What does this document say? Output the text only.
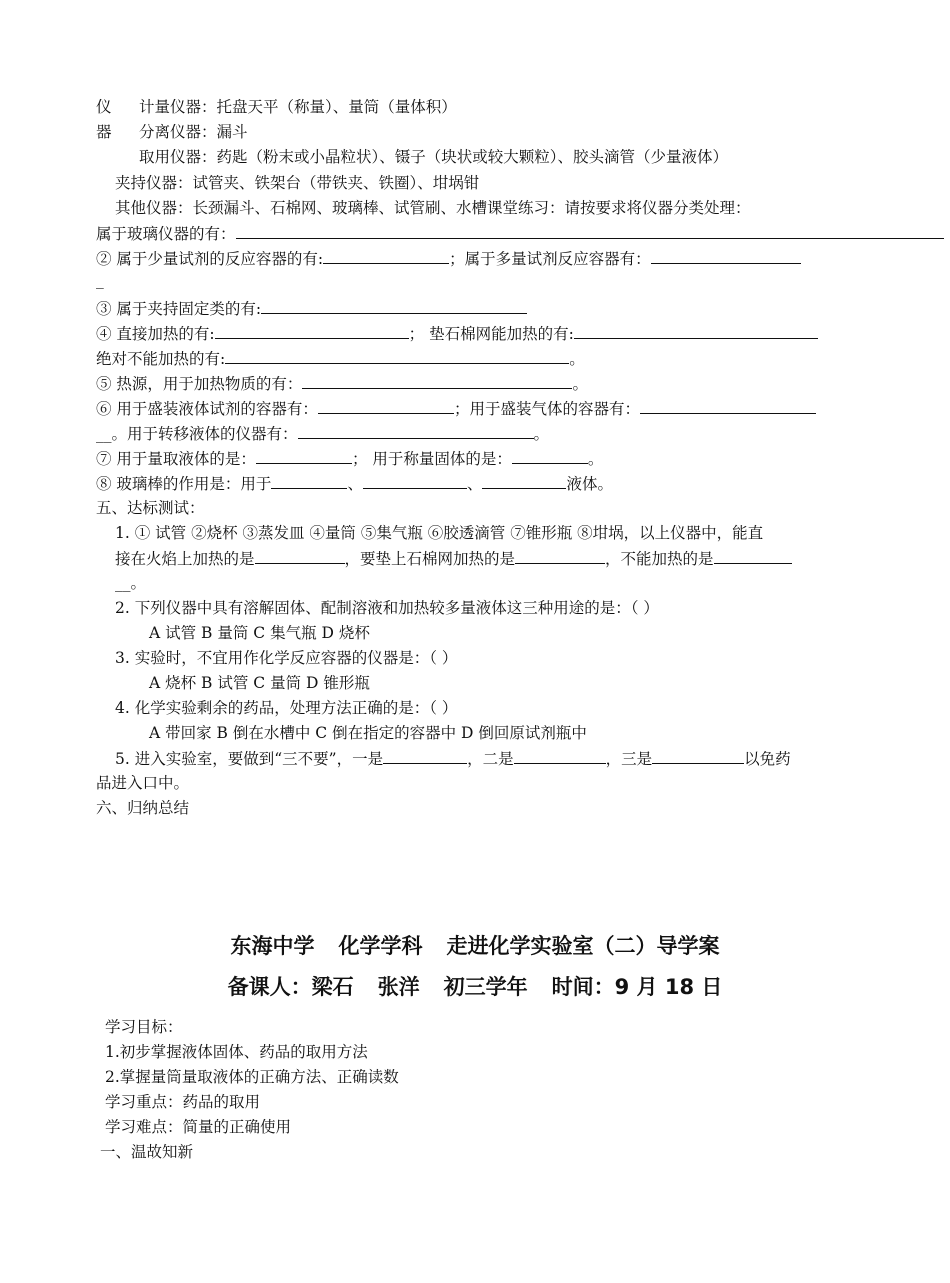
仪 计量仪器：托盘天平（称量）、量筒（量体积）
器 分离仪器：漏斗
取用仪器：药匙（粉末或小晶粒状）、镊子（块状或较大颗粒）、胶头滴管（少量液体）
夹持仪器：试管夹、铁架台（带铁夹、铁圈）、坩埚钳
其他仪器：长颈漏斗、石棉网、玻璃棒、试管刷、水槽课堂练习：请按要求将仪器分类处理：
属于玻璃仪器的有：
② 属于少量试剂的反应容器的有:	；属于多量试剂反应容器有：
_
③ 属于夹持固定类的有:
④ 直接加热的有:	； 垫石棉网能加热的有:
绝对不能加热的有:	。
⑤ 热源，用于加热物质的有：	。
⑥ 用于盛装液体试剂的容器有：	；用于盛装气体的容器有：
__。用于转移液体的仪器有：	。
⑦ 用于量取液体的是：	； 用于称量固体的是：	。
⑧ 玻璃棒的作用是：用于	、	、	液体。
五、达标测试：
1. ① 试管 ②烧杯 ③蒸发皿 ④量筒 ⑤集气瓶 ⑥胶透滴管 ⑦锥形瓶 ⑧坩埚，以上仪器中，能直
接在火焰上加热的是	，要垫上石棉网加热的是	，不能加热的是
__。
2. 下列仪器中具有溶解固体、配制溶液和加热较多量液体这三种用途的是：（ ）
A 试管 B 量筒 C 集气瓶 D 烧杯
3. 实验时，不宜用作化学反应容器的仪器是：（ ）
A 烧杯 B 试管 C 量筒 D 锥形瓶
4. 化学实验剩余的药品，处理方法正确的是：（ ）
A 带回家 B 倒在水槽中 C 倒在指定的容器中 D 倒回原试剂瓶中
5. 进入实验室，要做到“三不要”，一是	，二是	，三是	以免药
品进入口中。
六、归纳总结
东海中学 化学学科 走进化学实验室（二）导学案
备课人：梁石 张洋 初三学年 时间：9 月 18 日
学习目标：
1.初步掌握液体固体、药品的取用方法
2.掌握量筒量取液体的正确方法、正确读数
学习重点：药品的取用
学习难点：简量的正确使用
一、温故知新
